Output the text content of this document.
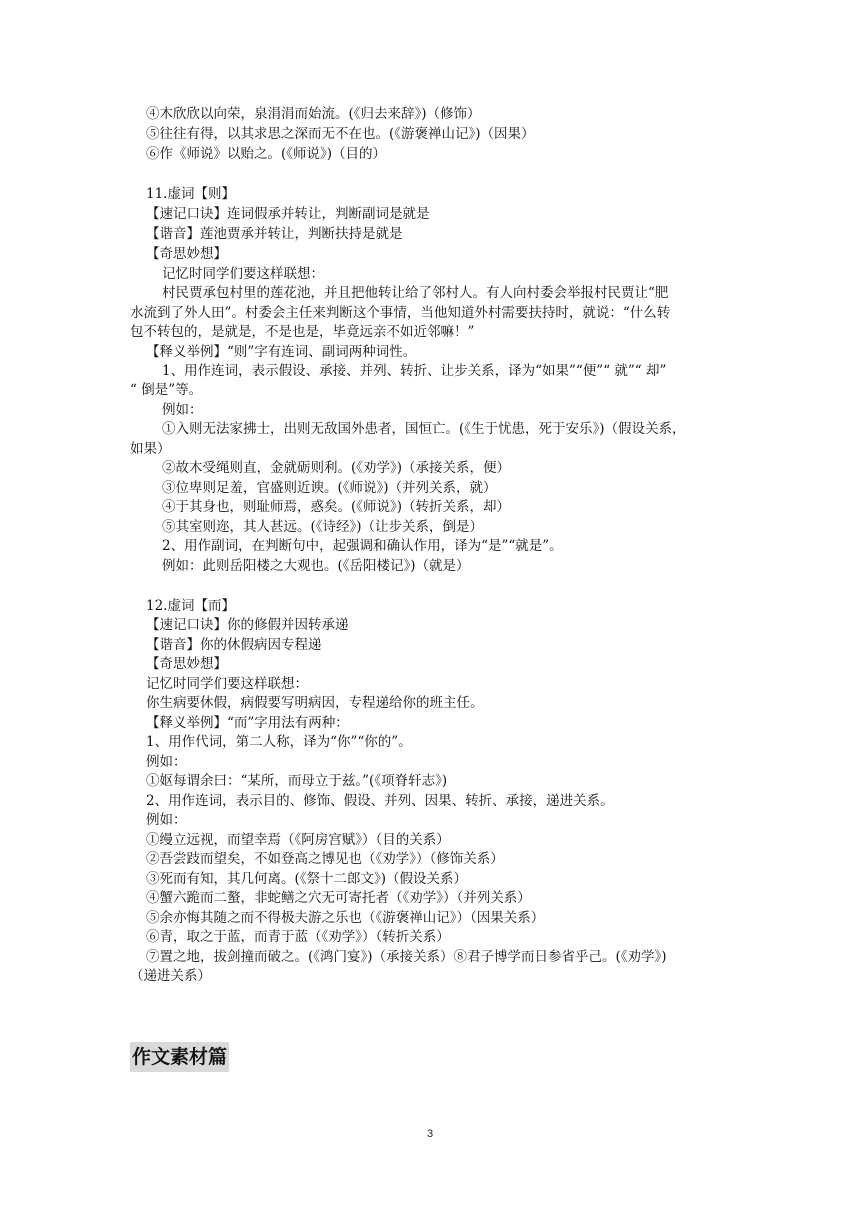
④木欣欣以向荣，泉涓涓而始流。(《归去来辞》)（修饰）
⑤往往有得，以其求思之深而无不在也。(《游褒禅山记》)（因果）
⑥作《师说》以贻之。(《师说》)（目的）
11.虚词【则】
【速记口诀】连词假承并转让，判断副词是就是
【谐音】莲池贾承并转让，判断扶持是就是
【奇思妙想】
记忆时同学们要这样联想：
村民贾承包村里的莲花池，并且把他转让给了邻村人。有人向村委会举报村民贾让“肥
水流到了外人田”。村委会主任来判断这个事情，当他知道外村需要扶持时，就说：“什么转
包不转包的，是就是，不是也是，毕竟远亲不如近邻嘛！”
【释义举例】“则”字有连词、副词两种词性。
1、用作连词，表示假设、承接、并列、转折、让步关系，译为“如果”“便”“ 就”“ 却”
“ 倒是”等。
例如：
①入则无法家拂士，出则无敌国外患者，国恒亡。(《生于忧患，死于安乐》)（假设关系，
如果）
②故木受绳则直，金就砺则利。(《劝学》)（承接关系，便）
③位卑则足羞，官盛则近谀。(《师说》)（并列关系，就）
④于其身也，则耻师焉，惑矣。(《师说》)（转折关系，却）
⑤其室则迩，其人甚远。(《诗经》)（让步关系，倒是）
2、用作副词，在判断句中，起强调和确认作用，译为“是”“就是”。
例如：此则岳阳楼之大观也。(《岳阳楼记》)（就是）
12.虚词【而】
【速记口诀】你的修假并因转承递
【谐音】你的休假病因专程递
【奇思妙想】
记忆时同学们要这样联想：
你生病要休假，病假要写明病因，专程递给你的班主任。
【释义举例】“而”字用法有两种：
1、用作代词，第二人称，译为“你”“你的”。
例如：
①妪每谓余曰：“某所，而母立于兹。”(《项脊轩志》)
2、用作连词，表示目的、修饰、假设、并列、因果、转折、承接，递进关系。
例如：
①缦立远视，而望幸焉（《阿房宫赋》）（目的关系）
②吾尝跂而望矣，不如登高之博见也（《劝学》）（修饰关系）
③死而有知，其几何离。(《祭十二郎文》)（假设关系）
④蟹六跪而二螯，非蛇鳝之穴无可寄托者（《劝学》）（并列关系）
⑤余亦悔其随之而不得极夫游之乐也（《游褒禅山记》）（因果关系）
⑥青，取之于蓝，而青于蓝（《劝学》）（转折关系）
⑦置之地，拔剑撞而破之。(《鸿门宴》)（承接关系）⑧君子博学而日参省乎己。(《劝学》)
（递进关系）
作文素材篇
3
